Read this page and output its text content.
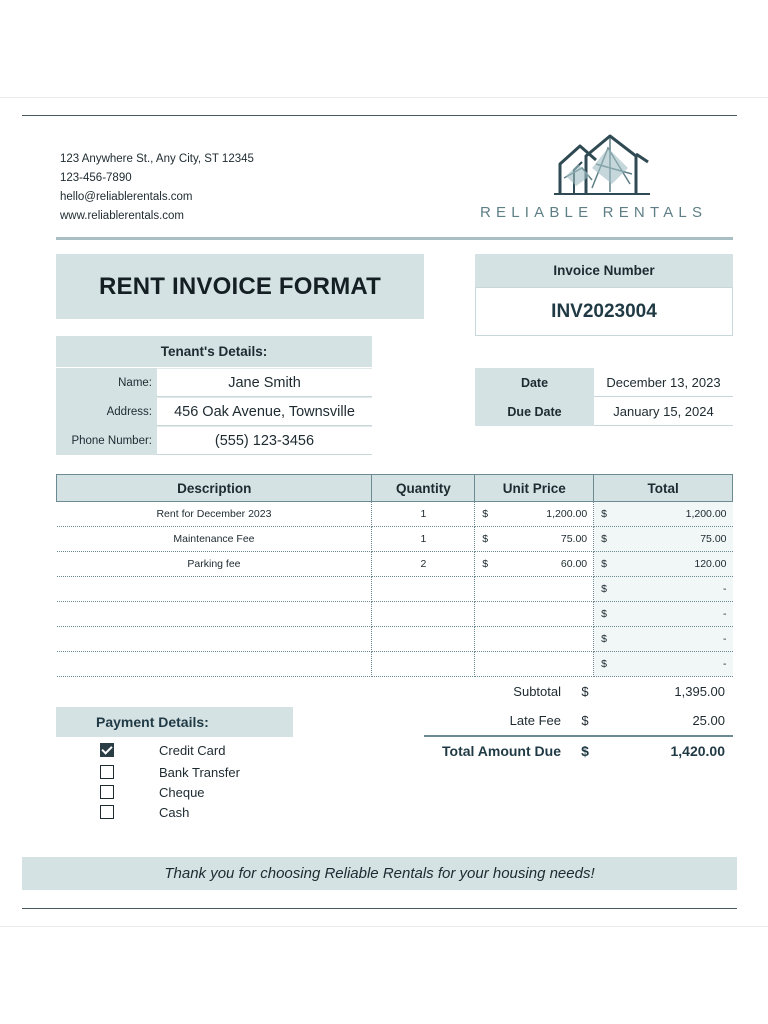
123 Anywhere St., Any City, ST 12345
123-456-7890
hello@reliablerentals.com
www.reliablerentals.com	RELIABLE RENTALS
RENT INVOICE FORMAT
Invoice Number
INV2023004
Tenant's Details:
Name:	Jane Smith
Address:	456 Oak Avenue, Townsville
Phone Number:	(555) 123-3456
Date	December 13, 2023
Due Date	January 15, 2024
Description	Quantity	Unit Price	Total
Rent for December 2023	1	$ 1,200.00	$ 1,200.00

Maintenance Fee	1	$ 75.00	$ 75.00

Parking fee	2	$ 60.00	$ 120.00

			$ -

			$ -

			$ -

			$ -
Subtotal	$	1,395.00
Late Fee	$	25.00
Total Amount Due	$	1,420.00
Payment Details:
Credit Card
Bank Transfer
Cheque
Cash
Thank you for choosing Reliable Rentals for your housing needs!
